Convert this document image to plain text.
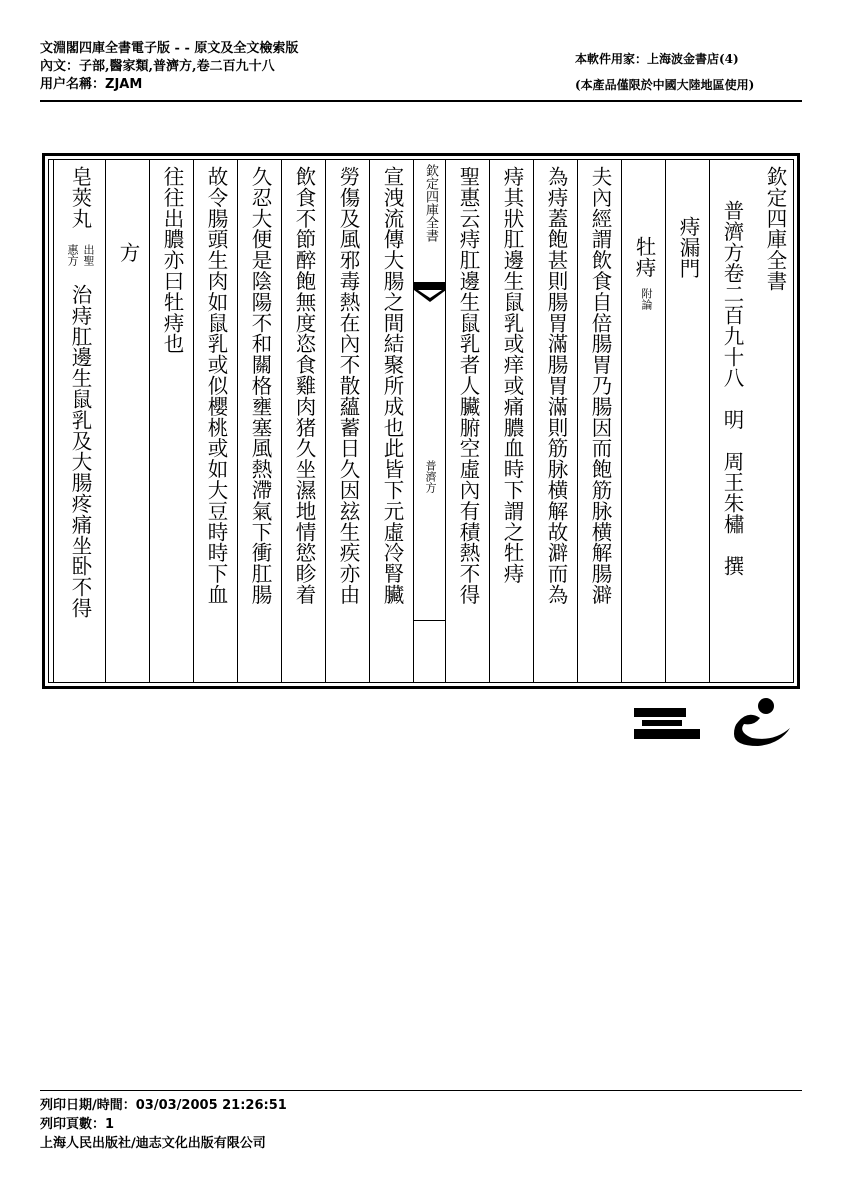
文淵閣四庫全書電子版 - - 原文及全文檢索版
內文：子部,醫家類,普濟方,卷二百九十八
用户名稱：ZJAM
本軟件用家：上海波金書店(4)
(本產品僅限於中國大陸地區使用)
欽定四庫全書
普濟方卷二百九十八　明　周王朱橚　撰
痔漏門
牡痔
附論
夫內經謂飲食自倍腸胃乃腸因而飽筋脉横解腸澼
為痔蓋飽甚則腸胃滿腸胃滿則筋脉横解故澼而為
痔其狀肛邊生鼠乳或痒或痛膿血時下謂之牡痔
聖惠云痔肛邊生鼠乳者人臟腑空虛內有積熱不得
欽定四庫全書
普濟方
宣洩流傳大腸之間結聚所成也此皆下元虛冷腎臟
勞傷及風邪毒熱在內不散蘊蓄日久因玆生疾亦由
飲食不節醉飽無度恣食雞肉猪久坐濕地情慾眕着
久忍大便是陰陽不和關格壅塞風熱滯氣下衝肛腸
故令腸頭生肉如鼠乳或似櫻桃或如大豆時時下血
往往出膿亦曰牡痔也
方
皂莢丸
出聖
惠方
治痔肛邊生鼠乳及大腸疼痛坐卧不得
列印日期/時間：03/03/2005 21:26:51
列印頁數：1
上海人民出版社/迪志文化出版有限公司
